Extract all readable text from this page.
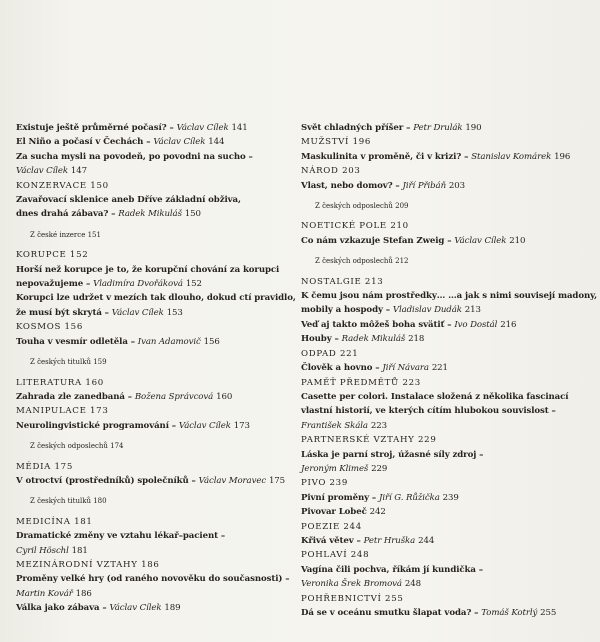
Existuje ještě průměrné počasí? – Václav Cílek 141
El Niño a počasí v Čechách – Václav Cílek 144
Za sucha mysli na povodeň, po povodni na sucho –
Václav Cílek 147
KONZERVACE 150
Zavařovací sklenice aneb Dříve základní obživa,
dnes drahá zábava? – Radek Mikuláš 150
Z české inzerce 151
KORUPCE 152
Horší než korupce je to, že korupční chování za korupci
nepovažujeme – Vladimíra Dvořáková 152
Korupci lze udržet v mezích tak dlouho, dokud ctí pravidlo,
že musí být skrytá – Václav Cílek 153
KOSMOS 156
Touha v vesmír odletěla – Ivan Adamovič 156
Z českých titulků 159
LITERATURA 160
Zahrada zle zanedbaná – Božena Správcová 160
MANIPULACE 173
Neurolingvistické programování – Václav Cílek 173
Z českých odposlechů 174
MÉDIA 175
V otroctví (prostředníků) společníků – Václav Moravec 175
Z českých titulků 180
MEDICÍNA 181
Dramatické změny ve vztahu lékař–pacient –
Cyril Höschl 181
MEZINÁRODNÍ VZTAHY 186
Proměny velké hry (od raného novověku do současnosti) –
Martin Kovář 186
Válka jako zábava – Václav Cílek 189
Svět chladných příšer – Petr Drulák 190
MUŽSTVÍ 196
Maskulinita v proměně, či v krizi? – Stanislav Komárek 196
NÁROD 203
Vlast, nebo domov? – Jiří Přibáň 203
Z českých odposlechů 209
NOETICKÉ POLE 210
Co nám vzkazuje Stefan Zweig – Václav Cílek 210
Z českých odposlechů 212
NOSTALGIE 213
K čemu jsou nám prostředky… …a jak s nimi souvisejí madony,
mobily a hospody – Vladislav Dudák 213
Veď aj takto môžeš boha svätiť – Ivo Dostál 216
Houby – Radek Mikuláš 218
ODPAD 221
Člověk a hovno – Jiří Návara 221
PAMĚŤ PŘEDMĚTŮ 223
Casette per colori. Instalace složená z několika fascinací
vlastní historií, ve kterých cítím hlubokou souvislost –
František Skála 223
PARTNERSKÉ VZTAHY 229
Láska je parní stroj, úžasné síly zdroj –
Jeroným Klimeš 229
PIVO 239
Pivní proměny – Jiří G. Růžička 239
Pivovar Lobeč 242
POEZIE 244
Křivá větev – Petr Hruška 244
POHLAVÍ 248
Vagína čili pochva, říkám jí kundička –
Veronika Šrek Bromová 248
POHŘEBNICTVÍ 255
Dá se v oceánu smutku šlapat voda? – Tomáš Kotrlý 255
